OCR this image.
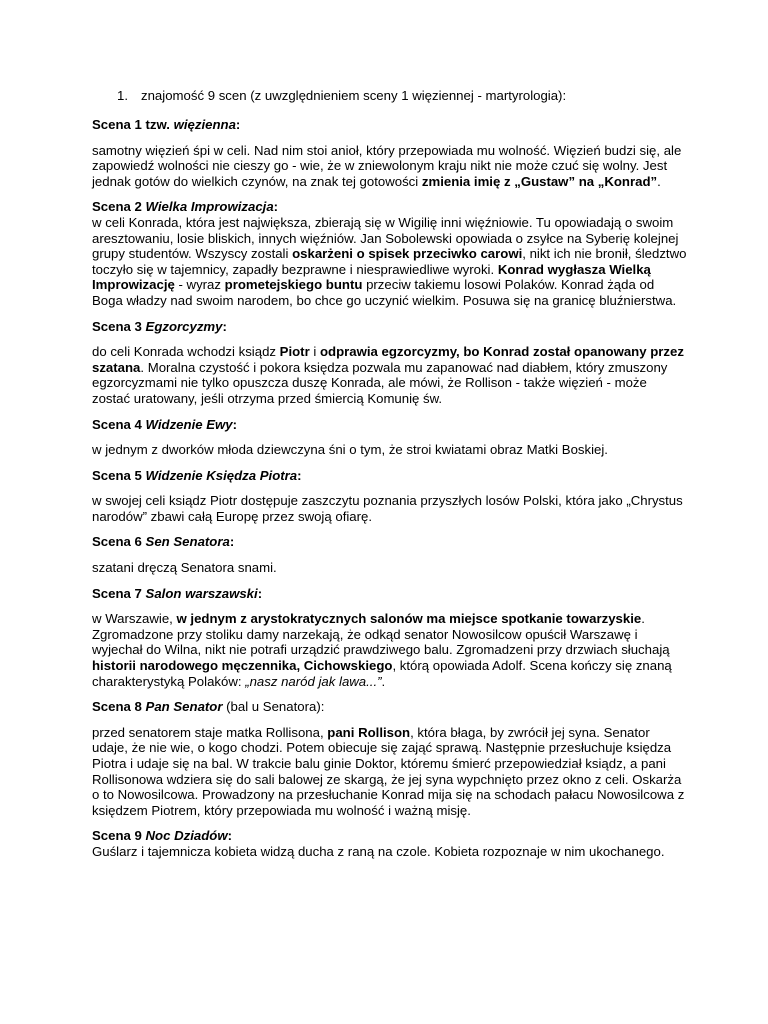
1. znajomość 9 scen (z uwzględnieniem sceny 1 więziennej - martyrologia):

Scena 1 tzw. więzienna:

samotny więzień śpi w celi. Nad nim stoi anioł, który przepowiada mu wolność. Więzień budzi się, ale
zapowiedź wolności nie cieszy go - wie, że w zniewolonym kraju nikt nie może czuć się wolny. Jest
jednak gotów do wielkich czynów, na znak tej gotowości zmienia imię z „Gustaw” na „Konrad”.

Scena 2 Wielka Improwizacja:

w celi Konrada, która jest największa, zbierają się w Wigilię inni więźniowie. Tu opowiadają o swoim
aresztowaniu, losie bliskich, innych więźniów. Jan Sobolewski opowiada o zsyłce na Syberię kolejnej
grupy studentów. Wszyscy zostali oskarżeni o spisek przeciwko carowi, nikt ich nie bronił, śledztwo
toczyło się w tajemnicy, zapadły bezprawne i niesprawiedliwe wyroki. Konrad wygłasza Wielką
Improwizację - wyraz prometejskiego buntu przeciw takiemu losowi Polaków. Konrad żąda od
Boga władzy nad swoim narodem, bo chce go uczynić wielkim. Posuwa się na granicę bluźnierstwa.

Scena 3 Egzorcyzmy:

do celi Konrada wchodzi ksiądz Piotr i odprawia egzorcyzmy, bo Konrad został opanowany przez
szatana. Moralna czystość i pokora księdza pozwala mu zapanować nad diabłem, który zmuszony
egzorcyzmami nie tylko opuszcza duszę Konrada, ale mówi, że Rollison - także więzień - może
zostać uratowany, jeśli otrzyma przed śmiercią Komunię św.

Scena 4 Widzenie Ewy:

w jednym z dworków młoda dziewczyna śni o tym, że stroi kwiatami obraz Matki Boskiej.

Scena 5 Widzenie Księdza Piotra:

w swojej celi ksiądz Piotr dostępuje zaszczytu poznania przyszłych losów Polski, która jako „Chrystus
narodów” zbawi całą Europę przez swoją ofiarę.

Scena 6 Sen Senatora:

szatani dręczą Senatora snami.

Scena 7 Salon warszawski:

w Warszawie, w jednym z arystokratycznych salonów ma miejsce spotkanie towarzyskie.
Zgromadzone przy stoliku damy narzekają, że odkąd senator Nowosilcow opuścił Warszawę i
wyjechał do Wilna, nikt nie potrafi urządzić prawdziwego balu. Zgromadzeni przy drzwiach słuchają
historii narodowego męczennika, Cichowskiego, którą opowiada Adolf. Scena kończy się znaną
charakterystyką Polaków: „nasz naród jak lawa...”.

Scena 8 Pan Senator (bal u Senatora):

przed senatorem staje matka Rollisona, pani Rollison, która błaga, by zwrócił jej syna. Senator
udaje, że nie wie, o kogo chodzi. Potem obiecuje się zająć sprawą. Następnie przesłuchuje księdza
Piotra i udaje się na bal. W trakcie balu ginie Doktor, któremu śmierć przepowiedział ksiądz, a pani
Rollisonowa wdziera się do sali balowej ze skargą, że jej syna wypchnięto przez okno z celi. Oskarża
o to Nowosilcowa. Prowadzony na przesłuchanie Konrad mija się na schodach pałacu Nowosilcowa z
księdzem Piotrem, który przepowiada mu wolność i ważną misję.

Scena 9 Noc Dziadów:

Guślarz i tajemnicza kobieta widzą ducha z raną na czole. Kobieta rozpoznaje w nim ukochanego.
